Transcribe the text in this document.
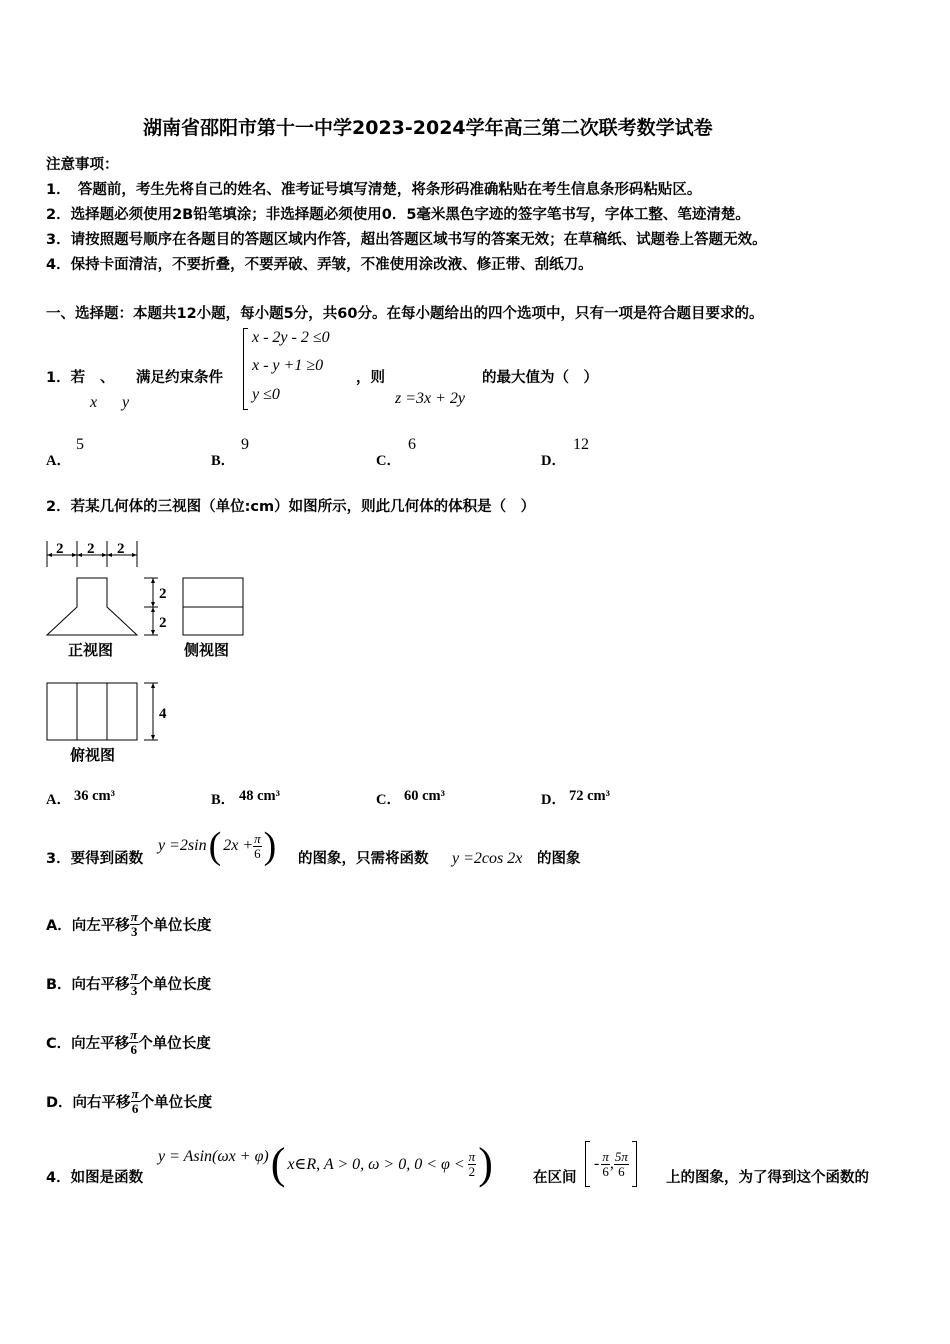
湖南省邵阳市第十一中学2023-2024学年高三第二次联考数学试卷
注意事项：
1．　答题前，考生先将自己的姓名、准考证号填写清楚，将条形码准确粘贴在考生信息条形码粘贴区。
2．选择题必须使用2B铅笔填涂；非选择题必须使用0．5毫米黑色字迹的签字笔书写，字体工整、笔迹清楚。
3．请按照题号顺序在各题目的答题区域内作答，超出答题区域书写的答案无效；在草稿纸、试题卷上答题无效。
4．保持卡面清洁，不要折叠，不要弄破、弄皱，不准使用涂改液、修正带、刮纸刀。
一、选择题：本题共12小题，每小题5分，共60分。在每小题给出的四个选项中，只有一项是符合题目要求的。
1．若 、 满足约束条件
x y
x - 2y - 2 ≤0
x - y +1 ≥0
y ≤0
，则
z =3x + 2y
的最大值为（　）
A．
5
B．
9
C．
6
D．
12
2．若某几何体的三视图（单位:cm）如图所示，则此几何体的体积是（　）
2 2 2
2
2
正视图	侧视图
4
俯视图
A． 36 cm³	B． 48 cm³	C． 60 cm³	D． 72 cm³
3．要得到函数
y =2sin ( $2x + \frac{\pi}{6}$ ) 的图象，只需将函数 y =2cos 2x 的图象
A．向左平移 $\frac{\pi}{3}$ 个单位长度
B．向右平移 $\frac{\pi}{3}$ 个单位长度
C．向左平移 $\frac{\pi}{6}$ 个单位长度
D．向右平移 $\frac{\pi}{6}$ 个单位长度
4．如图是函数
y = Asin(ωx + φ) ( x∈R, A > 0, ω > 0, $0 < \varphi < \frac{\pi}{2}$ )	在区间
- $\frac{\pi}{6}$ , $\frac{5\pi}{6}$	上的图象，为了得到这个函数的
